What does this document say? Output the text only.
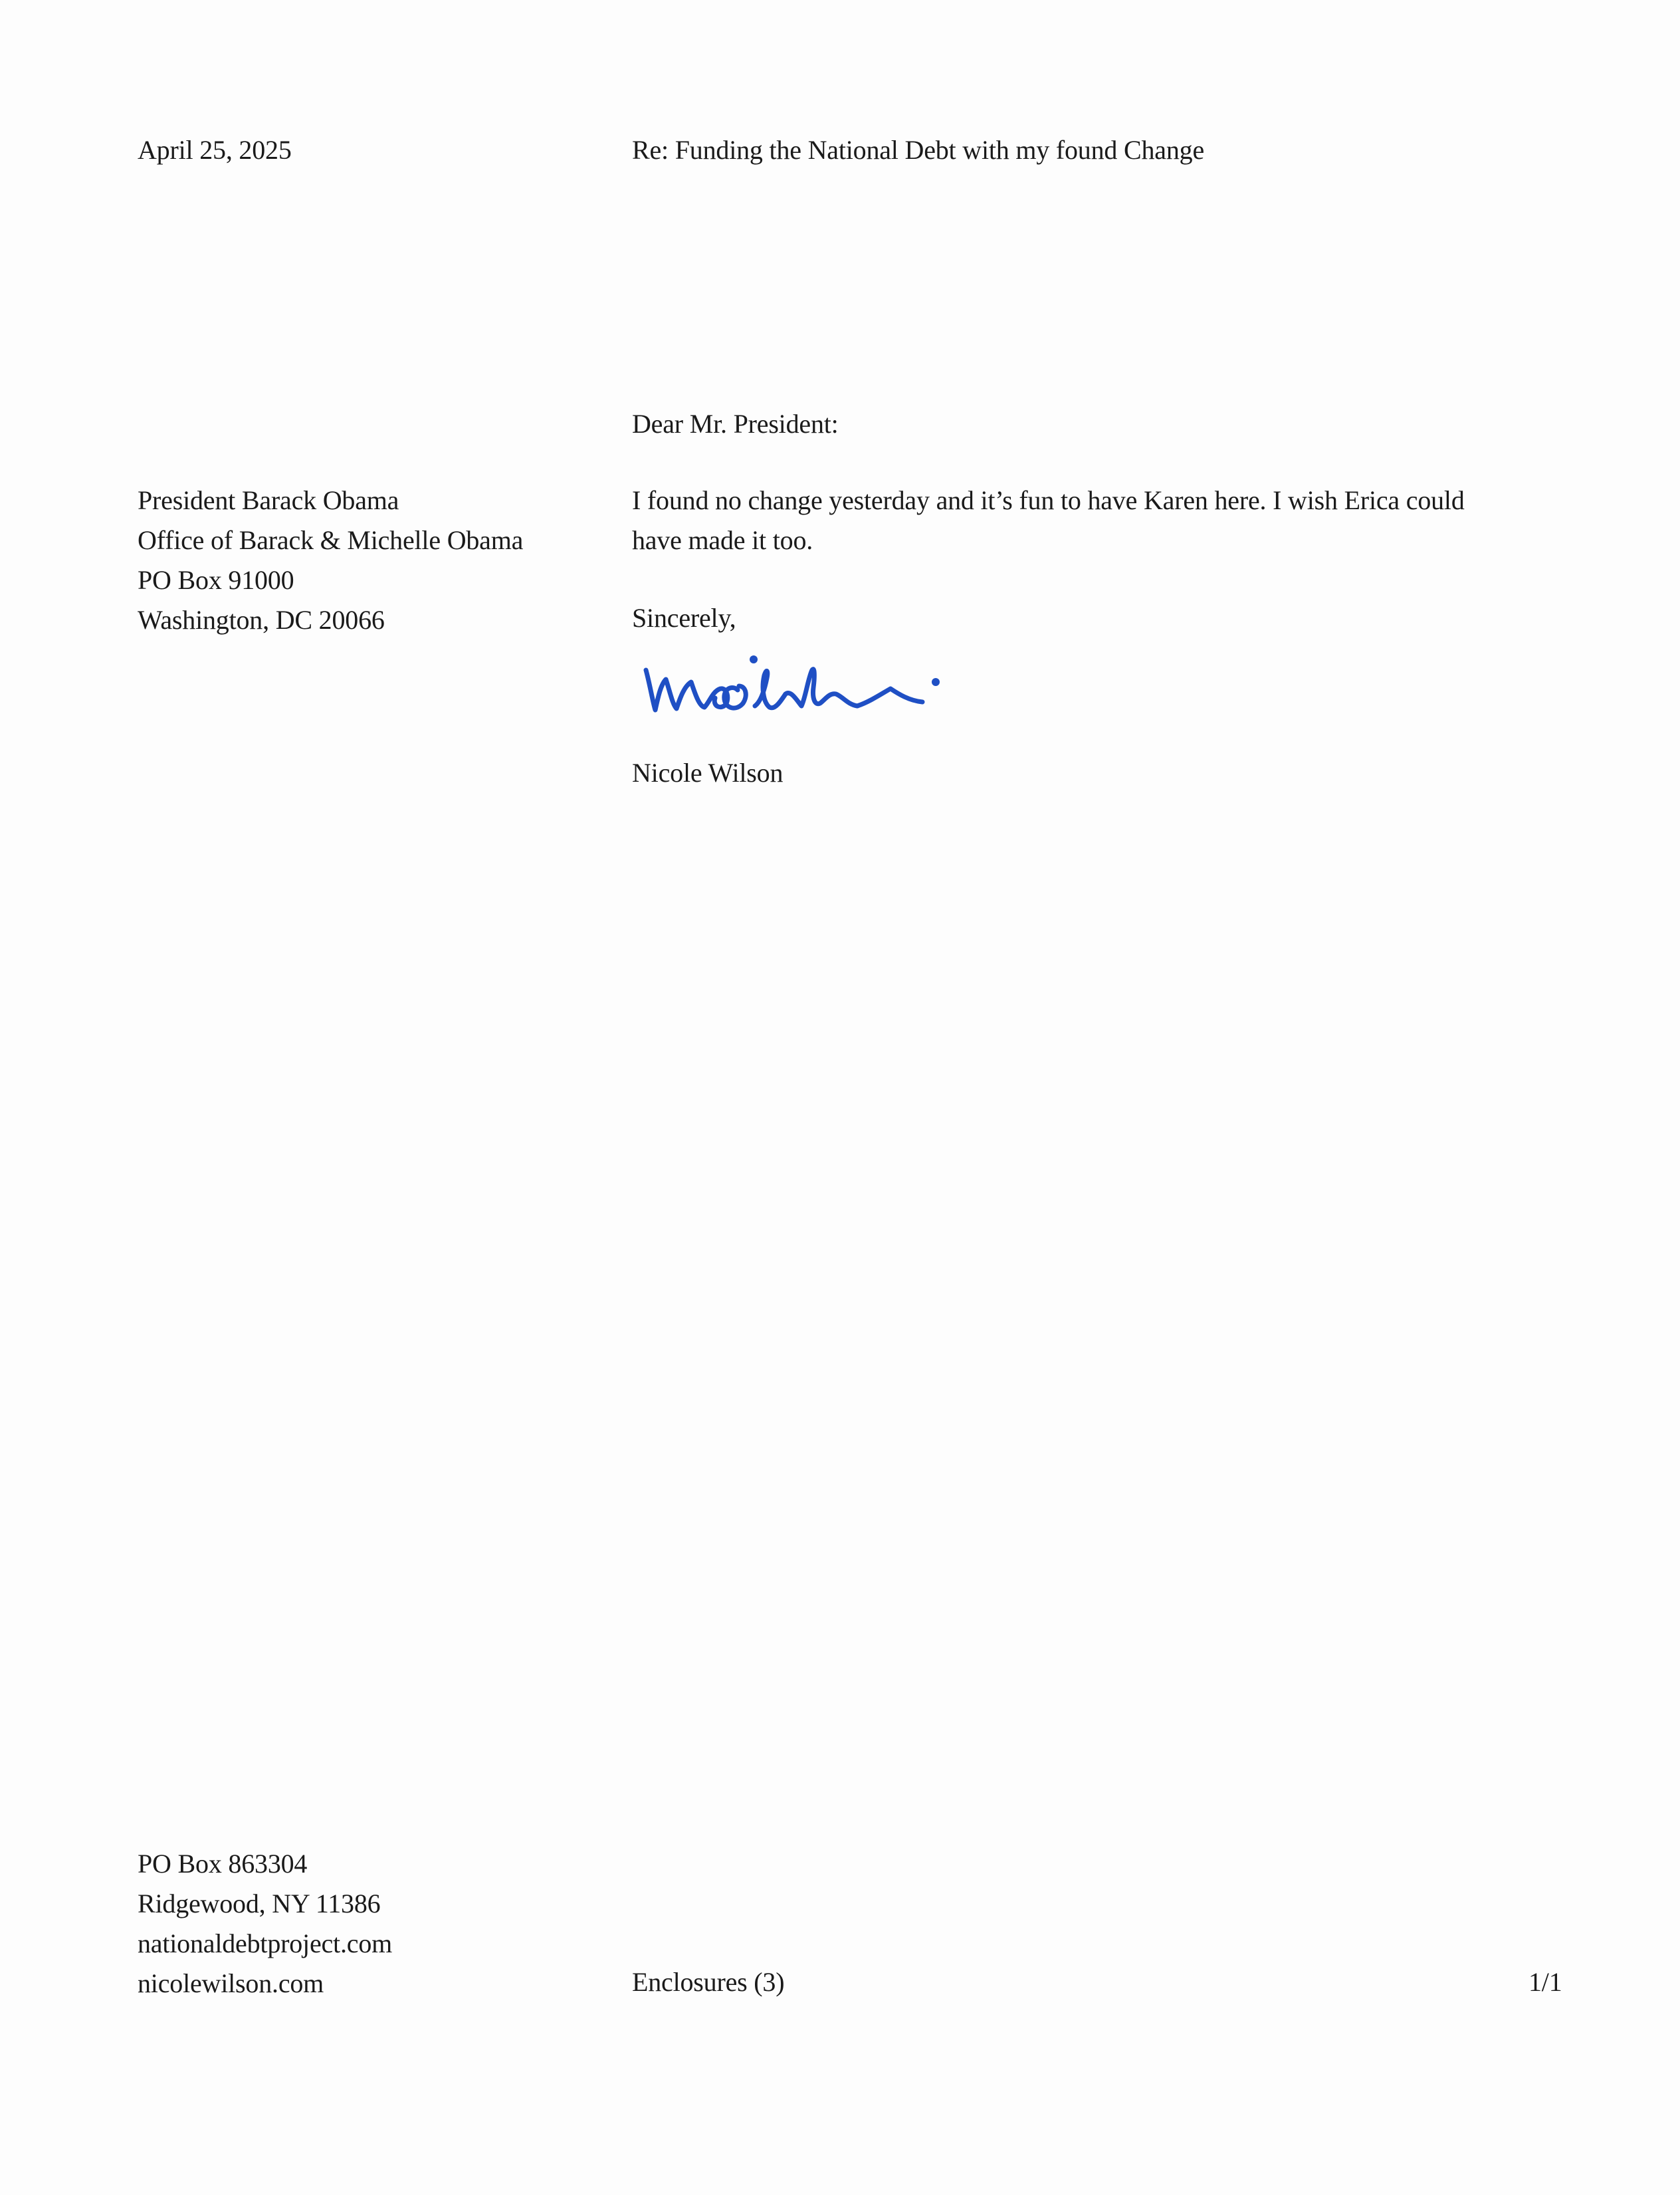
April 25, 2025	Re: Funding the National Debt with my found Change
Dear Mr. President:
President Barack Obama
Office of Barack & Michelle Obama
PO Box 91000
Washington, DC 20066
I found no change yesterday and it’s fun to have Karen here. I wish Erica could
have made it too.
Sincerely,
Nicole Wilson
PO Box 863304
Ridgewood, NY 11386
nationaldebtproject.com
nicolewilson.com	Enclosures (3)	1/1
